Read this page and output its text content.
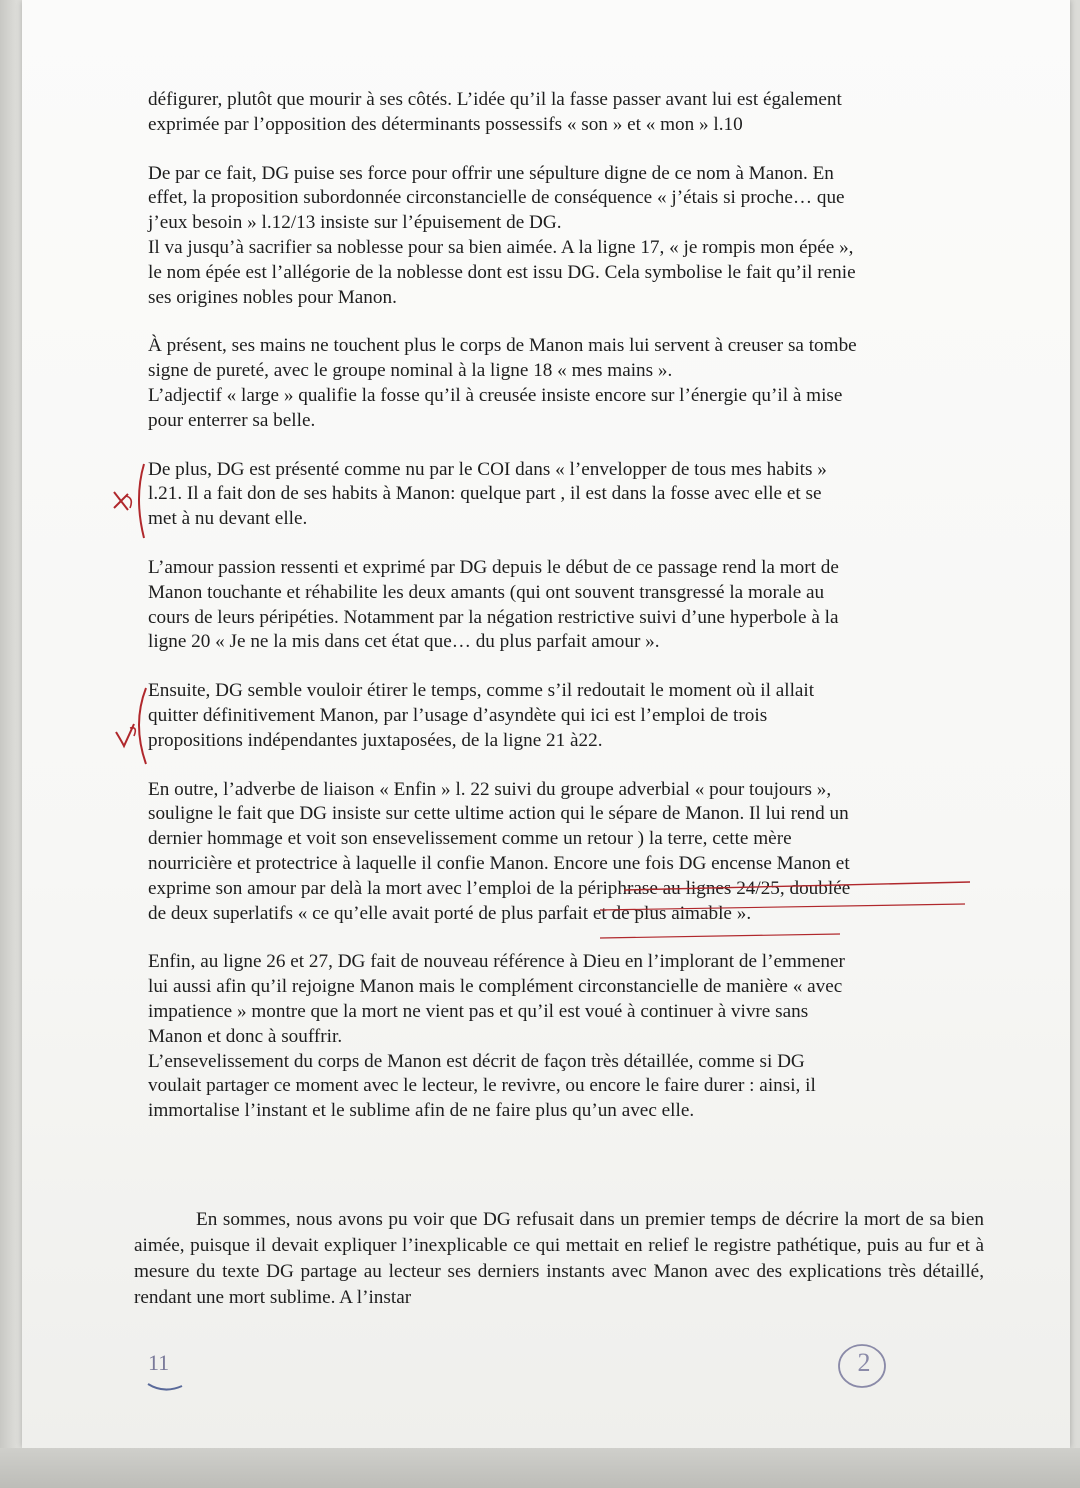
défigurer, plutôt que mourir à ses côtés. L’idée qu’il la fasse passer avant lui est également
exprimée par l’opposition des déterminants possessifs « son » et « mon » l.10
De par ce fait, DG puise ses force pour offrir une sépulture digne de ce nom à Manon. En
effet, la proposition subordonnée circonstancielle de conséquence « j’étais si proche… que
j’eux besoin » l.12/13 insiste sur l’épuisement de DG.
Il va jusqu’à sacrifier sa noblesse pour sa bien aimée. A la ligne 17, « je rompis mon épée »,
le nom épée est l’allégorie de la noblesse dont est issu DG. Cela symbolise le fait qu’il renie
ses origines nobles pour Manon.
À présent, ses mains ne touchent plus le corps de Manon mais lui servent à creuser sa tombe
signe de pureté, avec le groupe nominal à la ligne 18 « mes mains ».
L’adjectif « large » qualifie la fosse qu’il à creusée insiste encore sur l’énergie qu’il à mise
pour enterrer sa belle.
De plus, DG est présenté comme nu par le COI dans « l’envelopper de tous mes habits »
l.21. Il a fait don de ses habits à Manon: quelque part , il est dans la fosse avec elle et se
met à nu devant elle.
L’amour passion ressenti et exprimé par DG depuis le début de ce passage rend la mort de
Manon touchante et réhabilite les deux amants (qui ont souvent transgressé la morale au
cours de leurs péripéties. Notamment par la négation restrictive suivi d’une hyperbole à la
ligne 20 « Je ne la mis dans cet état que… du plus parfait amour ».
Ensuite, DG semble vouloir étirer le temps, comme s’il redoutait le moment où il allait
quitter définitivement Manon, par l’usage d’asyndète qui ici est l’emploi de trois
propositions indépendantes juxtaposées, de la ligne 21 à22.
En outre, l’adverbe de liaison « Enfin » l. 22 suivi du groupe adverbial « pour toujours »,
souligne le fait que DG insiste sur cette ultime action qui le sépare de Manon. Il lui rend un
dernier hommage et voit son ensevelissement comme un retour ) la terre, cette mère
nourricière et protectrice à laquelle il confie Manon. Encore une fois DG encense Manon et
exprime son amour par delà la mort avec l’emploi de la périphrase au lignes 24/25, doublée
de deux superlatifs « ce qu’elle avait porté de plus parfait et de plus aimable ».
Enfin, au ligne 26 et 27, DG fait de nouveau référence à Dieu en l’implorant de l’emmener
lui aussi afin qu’il rejoigne Manon mais le complément circonstancielle de manière « avec
impatience » montre que la mort ne vient pas et qu’il est voué à continuer à vivre sans
Manon et donc à souffrir.
L’ensevelissement du corps de Manon est décrit de façon très détaillée, comme si DG
voulait partager ce moment avec le lecteur, le revivre, ou encore le faire durer : ainsi, il
immortalise l’instant et le sublime afin de ne faire plus qu’un avec elle.
En sommes, nous avons pu voir que DG refusait dans un premier temps de décrire la mort de sa bien aimée, puisque il devait expliquer l’inexplicable ce qui mettait en relief le registre pathétique, puis au fur et à mesure du texte DG partage au lecteur ses derniers instants avec Manon avec des explications très détaillé, rendant une mort sublime. A l’instar
11	2
